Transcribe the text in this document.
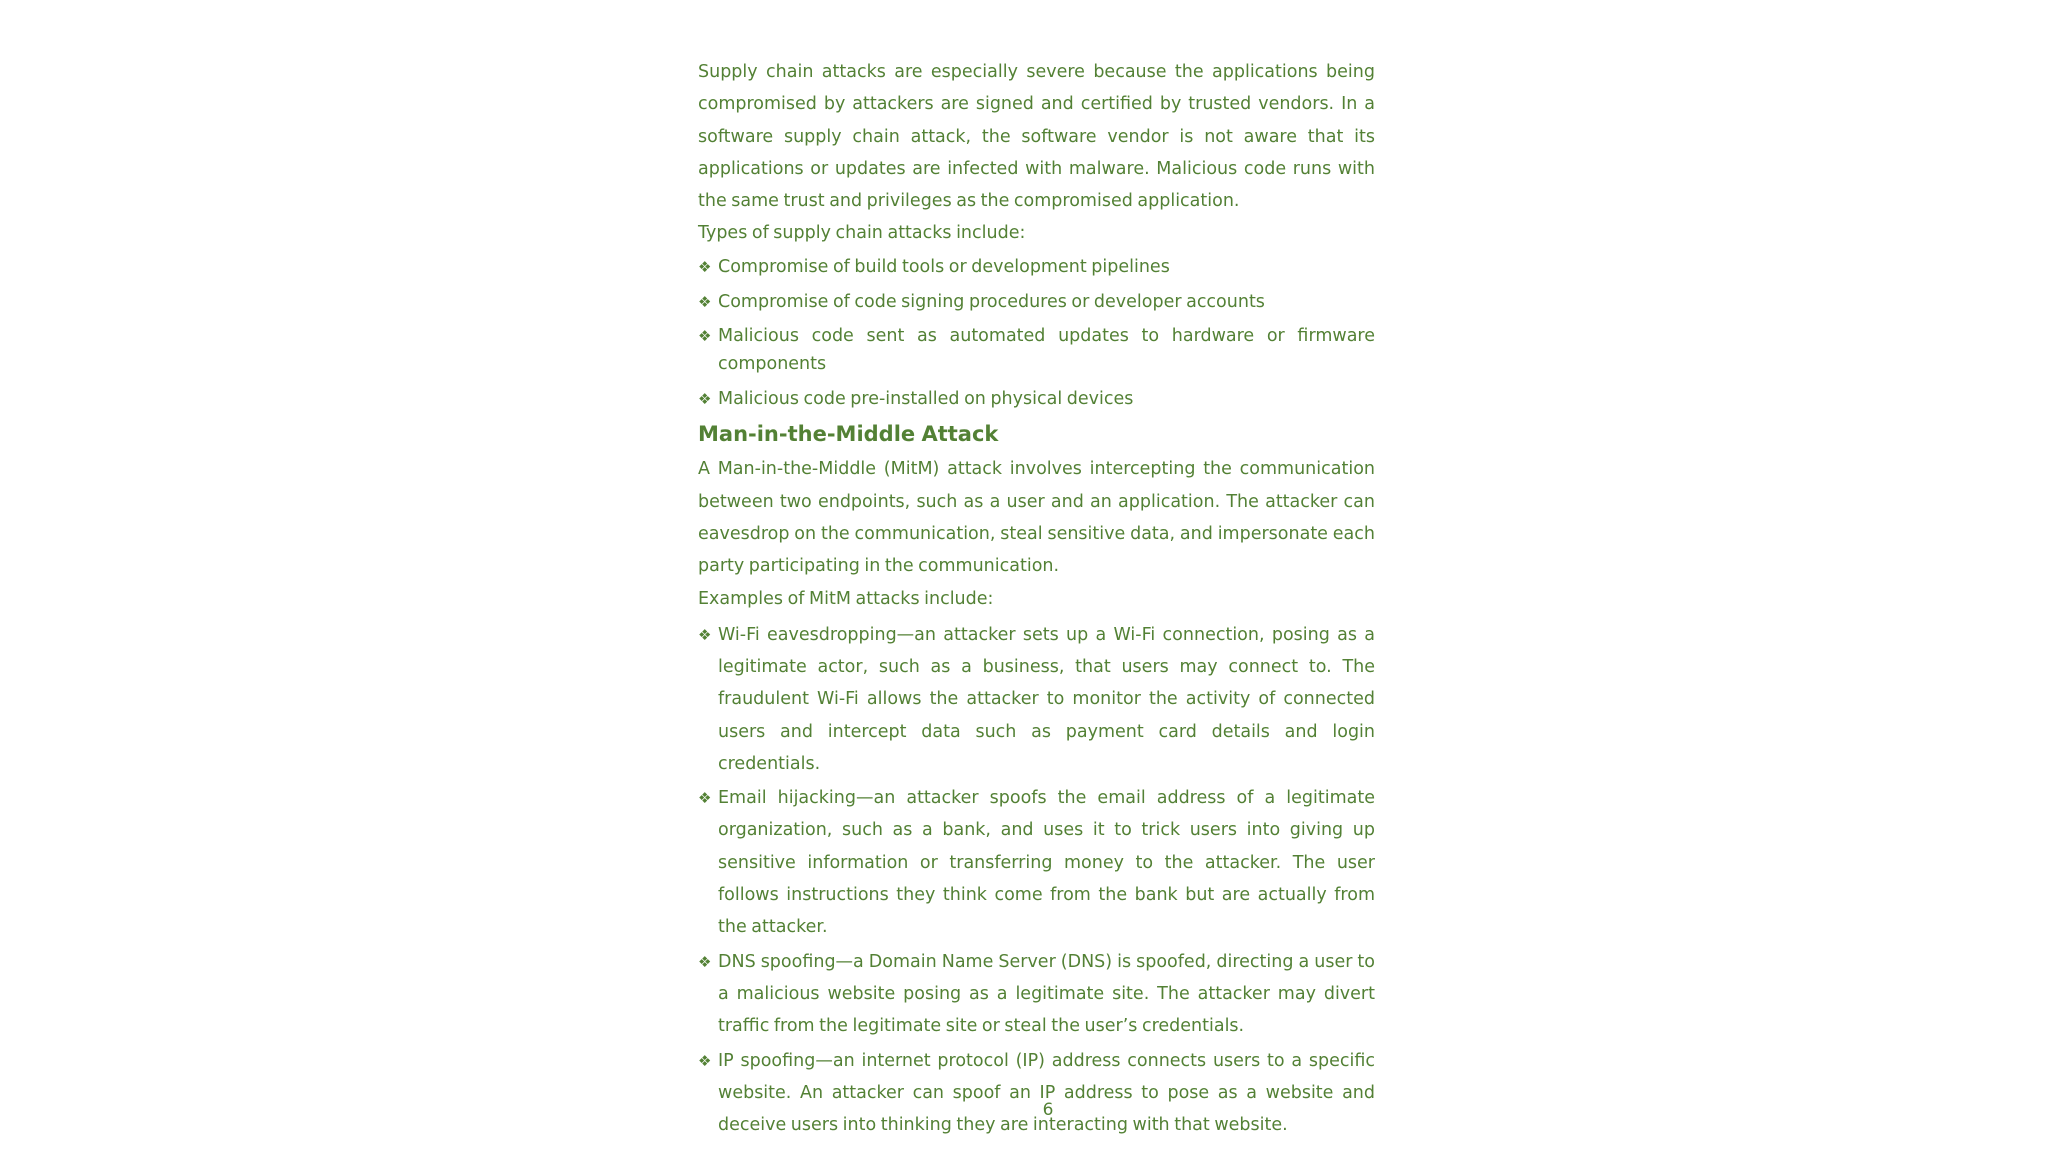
Supply chain attacks are especially severe because the applications being compromised by attackers are signed and certified by trusted vendors. In a software supply chain attack, the software vendor is not aware that its applications or updates are infected with malware. Malicious code runs with the same trust and privileges as the compromised application.

Types of supply chain attacks include:

❖ Compromise of build tools or development pipelines
❖ Compromise of code signing procedures or developer accounts
❖ Malicious code sent as automated updates to hardware or firmware components
❖ Malicious code pre-installed on physical devices
Man-in-the-Middle Attack

A Man-in-the-Middle (MitM) attack involves intercepting the communication between two endpoints, such as a user and an application. The attacker can eavesdrop on the communication, steal sensitive data, and impersonate each party participating in the communication.

Examples of MitM attacks include:

❖ Wi-Fi eavesdropping—an attacker sets up a Wi-Fi connection, posing as a legitimate actor, such as a business, that users may connect to. The fraudulent Wi-Fi allows the attacker to monitor the activity of connected users and intercept data such as payment card details and login credentials.
❖ Email hijacking—an attacker spoofs the email address of a legitimate organization, such as a bank, and uses it to trick users into giving up sensitive information or transferring money to the attacker. The user follows instructions they think come from the bank but are actually from the attacker.
❖ DNS spoofing—a Domain Name Server (DNS) is spoofed, directing a user to a malicious website posing as a legitimate site. The attacker may divert traffic from the legitimate site or steal the user’s credentials.
❖ IP spoofing—an internet protocol (IP) address connects users to a specific website. An attacker can spoof an IP address to pose as a website and deceive users into thinking they are interacting with that website.
6
